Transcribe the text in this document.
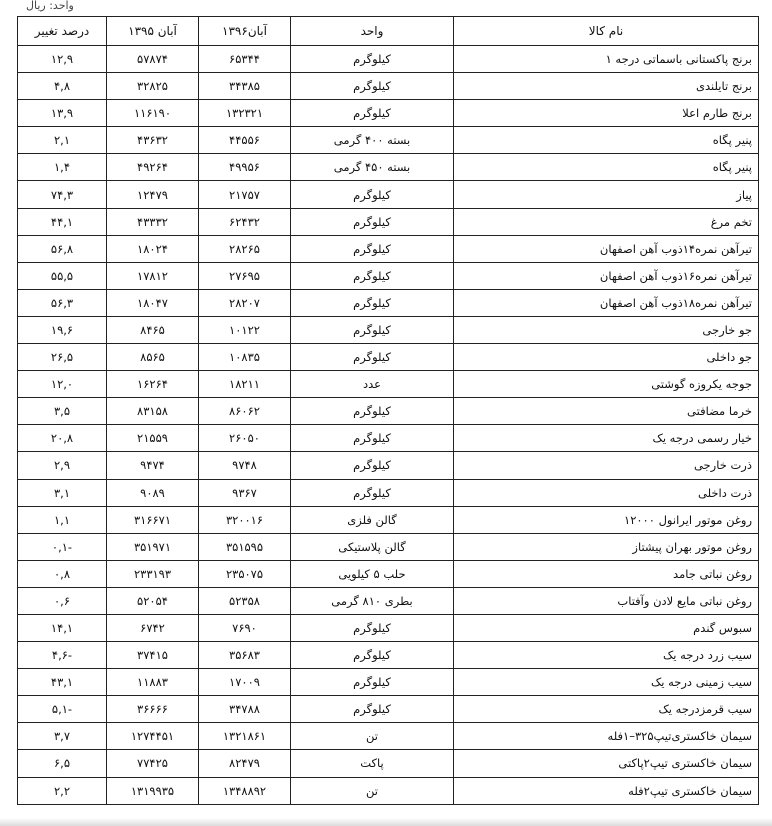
واحد: ریال
نام کالا	واحد	آبان۱۳۹۶	آبان ۱۳۹۵	درصد تغییر
برنج پاکستانی باسماتی درجه ۱	کیلوگرم	۶۵۳۴۴	۵۷۸۷۴	۱۲,۹
برنج تایلندی	کیلوگرم	۳۴۳۸۵	۳۲۸۲۵	۴,۸
برنج طارم اعلا	کیلوگرم	۱۳۲۳۲۱	۱۱۶۱۹۰	۱۳,۹
پنیر پگاه	بسته ۴۰۰ گرمی	۴۴۵۵۶	۴۳۶۳۲	۲,۱
پنیر پگاه	بسته ۴۵۰ گرمی	۴۹۹۵۶	۴۹۲۶۴	۱,۴
پیاز	کیلوگرم	۲۱۷۵۷	۱۲۴۷۹	۷۴,۳
تخم مرغ	کیلوگرم	۶۲۴۳۲	۴۳۳۳۲	۴۴,۱
تیرآهن نمره۱۴ذوب آهن اصفهان	کیلوگرم	۲۸۲۶۵	۱۸۰۲۴	۵۶,۸
تیرآهن نمره۱۶ذوب آهن اصفهان	کیلوگرم	۲۷۶۹۵	۱۷۸۱۲	۵۵,۵
تیرآهن نمره۱۸ذوب آهن اصفهان	کیلوگرم	۲۸۲۰۷	۱۸۰۴۷	۵۶,۳
جو خارجی	کیلوگرم	۱۰۱۲۲	۸۴۶۵	۱۹,۶
جو داخلی	کیلوگرم	۱۰۸۳۵	۸۵۶۵	۲۶,۵
جوجه یکروزه گوشتی	عدد	۱۸۲۱۱	۱۶۲۶۴	۱۲,۰
خرما مضافتی	کیلوگرم	۸۶۰۶۲	۸۳۱۵۸	۳,۵
خیار رسمی درجه یک	کیلوگرم	۲۶۰۵۰	۲۱۵۵۹	۲۰,۸
ذرت خارجی	کیلوگرم	۹۷۴۸	۹۴۷۴	۲,۹
ذرت داخلی	کیلوگرم	۹۳۶۷	۹۰۸۹	۳,۱
روغن موتور ایرانول ۱۲۰۰۰	گالن فلزی	۳۲۰۰۱۶	۳۱۶۶۷۱	۱,۱
روغن موتور بهران پیشتاز	گالن پلاستیکی	۳۵۱۵۹۵	۳۵۱۹۷۱	-۰,۱
روغن نباتی جامد	حلب ۵ کیلویی	۲۳۵۰۷۵	۲۳۳۱۹۳	۰,۸
روغن نباتی مایع لادن وآفتاب	بطری ۸۱۰ گرمی	۵۲۳۵۸	۵۲۰۵۴	۰,۶
سبوس گندم	کیلوگرم	۷۶۹۰	۶۷۴۲	۱۴,۱
سیب زرد درجه یک	کیلوگرم	۳۵۶۸۳	۳۷۴۱۵	-۴,۶
سیب زمینی درجه یک	کیلوگرم	۱۷۰۰۹	۱۱۸۸۳	۴۳,۱
سیب قرمزدرجه یک	کیلوگرم	۳۴۷۸۸	۳۶۶۶۶	-۵,۱
سیمان خاکستری‌تیپ۳۲۵–۱فله	تن	۱۳۲۱۸۶۱	۱۲۷۴۴۵۱	۳,۷
سیمان خاکستری تیپ۲پاکتی	پاکت	۸۲۴۷۹	۷۷۴۲۵	۶,۵
سیمان خاکستری تیپ۲فله	تن	۱۳۴۸۸۹۲	۱۳۱۹۹۳۵	۲,۲
